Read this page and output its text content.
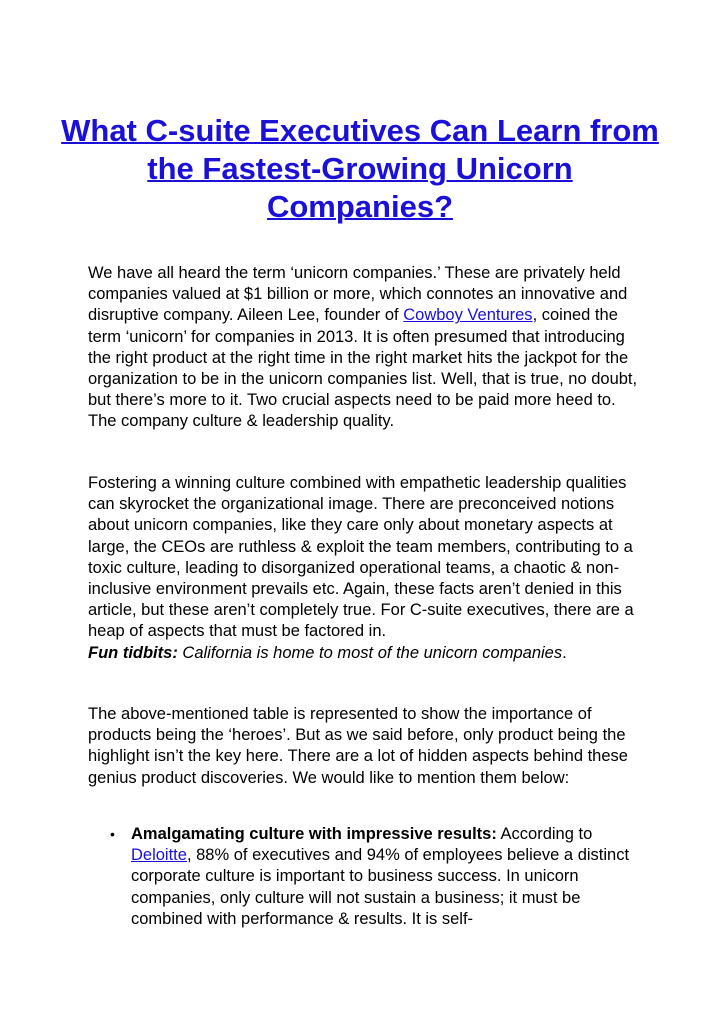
What C-suite Executives Can Learn from the Fastest-Growing Unicorn Companies?

We have all heard the term ‘unicorn companies.’ These are privately held companies valued at $1 billion or more, which connotes an innovative and disruptive company. Aileen Lee, founder of Cowboy Ventures, coined the term ‘unicorn’ for companies in 2013. It is often presumed that introducing the right product at the right time in the right market hits the jackpot for the organization to be in the unicorn companies list. Well, that is true, no doubt, but there’s more to it. Two crucial aspects need to be paid more heed to. The company culture & leadership quality.

Fostering a winning culture combined with empathetic leadership qualities can skyrocket the organizational image. There are preconceived notions about unicorn companies, like they care only about monetary aspects at large, the CEOs are ruthless & exploit the team members, contributing to a toxic culture, leading to disorganized operational teams, a chaotic & non-inclusive environment prevails etc. Again, these facts aren’t denied in this article, but these aren’t completely true. For C-suite executives, there are a heap of aspects that must be factored in.
Fun tidbits: California is home to most of the unicorn companies.

The above-mentioned table is represented to show the importance of products being the ‘heroes’. But as we said before, only product being the highlight isn’t the key here. There are a lot of hidden aspects behind these genius product discoveries. We would like to mention them below:

• Amalgamating culture with impressive results: According to Deloitte, 88% of executives and 94% of employees believe a distinct corporate culture is important to business success. In unicorn companies, only culture will not sustain a business; it must be combined with performance & results. It is self-
